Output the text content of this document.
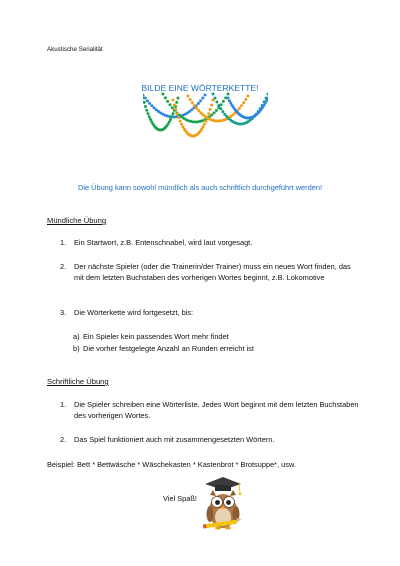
Akustische Serialität
BILDE EINE WÖRTERKETTE!
Die Übung kann sowohl mündlich als auch schriftlich durchgeführt werden!
Mündliche Übung
1. Ein Startwort, z.B. Entenschnabel, wird laut vorgesagt.
2. Der nächste Spieler (oder die Trainerin/der Trainer) muss ein neues Wort finden, das mit dem letzten Buchstaben des vorherigen Wortes beginnt, z.B. Lokomotive
3. Die Wörterkette wird fortgesetzt, bis:
a) Ein Spieler kein passendes Wort mehr findet
b) Die vorher festgelegte Anzahl an Runden erreicht ist
Schriftliche Übung
1. Die Spieler schreiben eine Wörterliste. Jedes Wort beginnt mit dem letzten Buchstaben des vorherigen Wortes.
2. Das Spiel funktioniert auch mit zusammengesetzten Wörtern.
Beispiel: Bett * Bettwäsche * Wäschekasten * Kastenbrot * Brotsuppe*, usw.
Viel Spaß!
